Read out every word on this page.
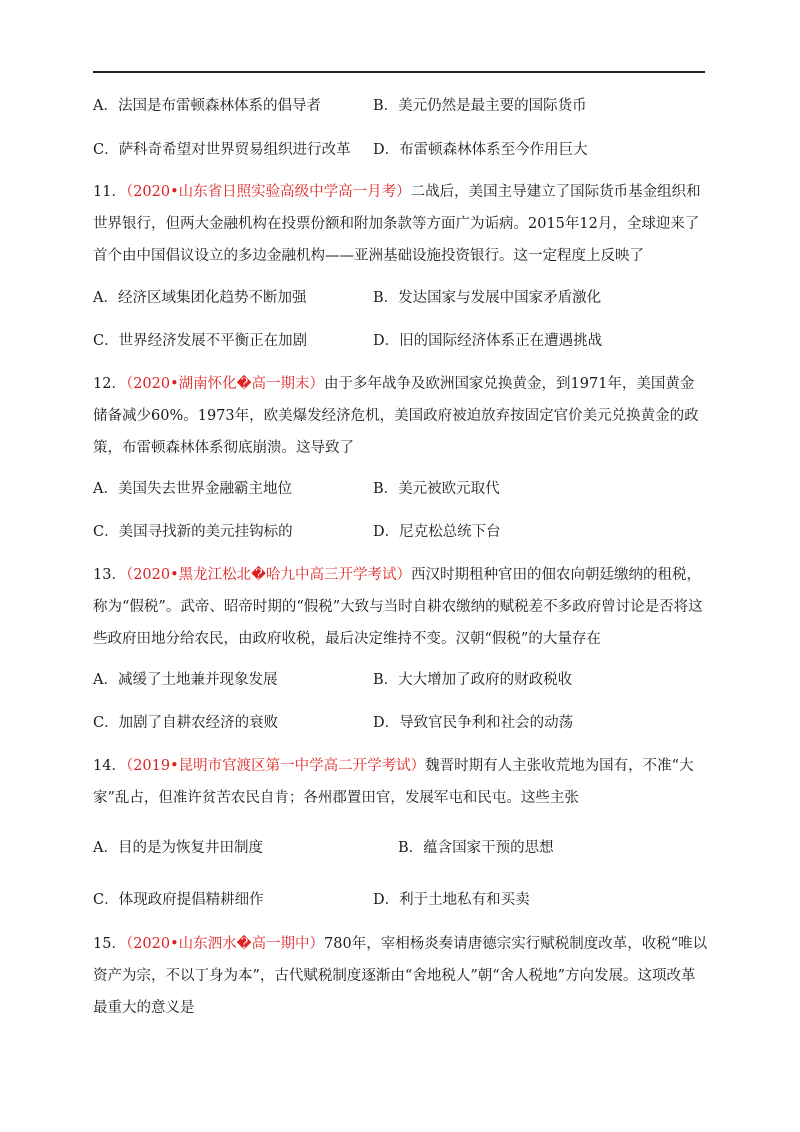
A．法国是布雷顿森林体系的倡导者	B．美元仍然是最主要的国际货币
C．萨科奇希望对世界贸易组织进行改革 D．布雷顿森林体系至今作用巨大
11．（2020•山东省日照实验高级中学高一月考）二战后，美国主导建立了国际货币基金组织和世界银行，但两大金融机构在投票份额和附加条款等方面广为诟病。2015年12月，全球迎来了首个由中国倡议设立的多边金融机构——亚洲基础设施投资银行。这一定程度上反映了
A．经济区域集团化趋势不断加强	B．发达国家与发展中国家矛盾激化
C．世界经济发展不平衡正在加剧	D．旧的国际经济体系正在遭遇挑战
12．（2020•湖南怀化�高一期末）由于多年战争及欧洲国家兑换黄金，到1971年，美国黄金储备减少60%。1973年，欧美爆发经济危机，美国政府被迫放弃按固定官价美元兑换黄金的政策，布雷顿森林体系彻底崩溃。这导致了
A．美国失去世界金融霸主地位	B．美元被欧元取代
C．美国寻找新的美元挂钩标的	D．尼克松总统下台
13．（2020•黑龙江松北�哈九中高三开学考试）西汉时期租种官田的佃农向朝廷缴纳的租税，称为“假税”。武帝、昭帝时期的“假税”大致与当时自耕农缴纳的赋税差不多政府曾讨论是否将这些政府田地分给农民，由政府收税，最后决定维持不变。汉朝“假税”的大量存在
A．减缓了土地兼并现象发展	B．大大增加了政府的财政税收
C．加剧了自耕农经济的衰败	D．导致官民争利和社会的动荡
14．（2019•昆明市官渡区第一中学高二开学考试）魏晋时期有人主张收荒地为国有，不准“大家”乱占，但准许贫苦农民自肯；各州郡置田官，发展军屯和民屯。这些主张
A．目的是为恢复井田制度	B．蕴含国家干预的思想
C．体现政府提倡精耕细作	D．利于土地私有和买卖
15．（2020•山东泗水�高一期中）780年，宰相杨炎奏请唐德宗实行赋税制度改革，收税“唯以资产为宗，不以丁身为本”，古代赋税制度逐渐由“舍地税人”朝“舍人税地”方向发展。这项改革最重大的意义是
